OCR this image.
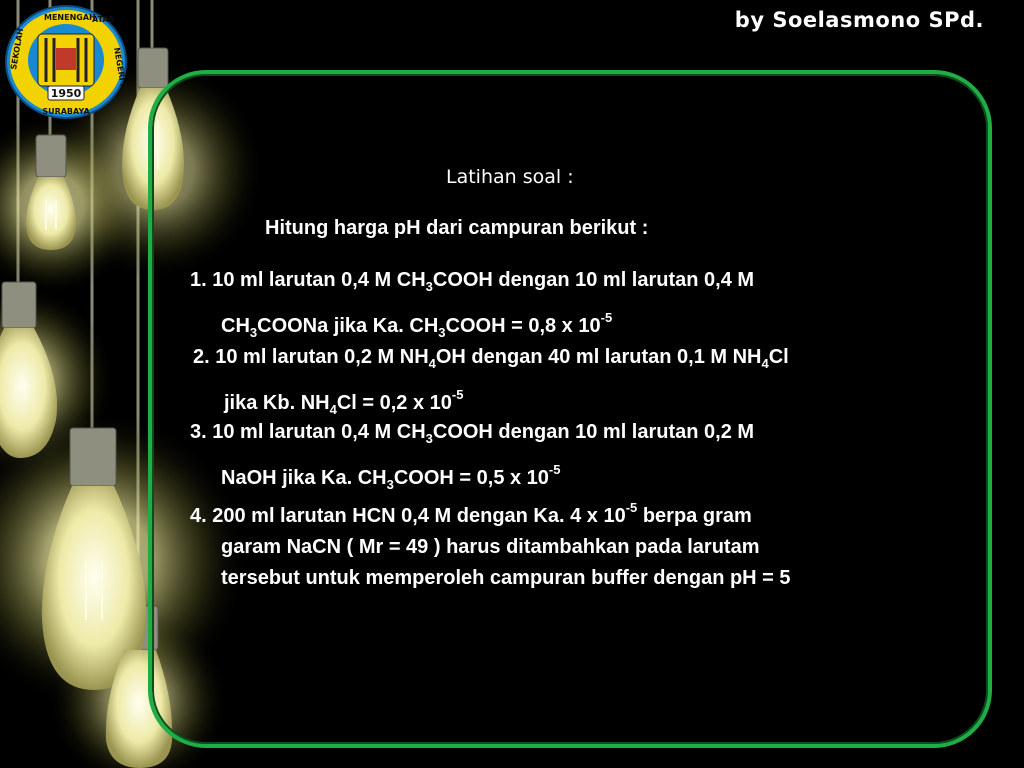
1950
SEKOLAH
MENENGAH
ATAS
NEGERI 2
SURABAYA
by Soelasmono SPd.
Latihan soal :
Hitung harga pH dari campuran berikut :
1. 10 ml larutan 0,4 M $CH_3COOH$ dengan 10 ml larutan 0,4 M
$CH_3COONa$ jika Ka. $CH_3COOH = 0,8$ x $10^{-5}$
2. 10 ml larutan 0,2 M $NH_4OH$ dengan 40 ml larutan 0,1 M $NH_4Cl$
jika Kb. $NH_4Cl = 0,2$ x $10^{-5}$
3. 10 ml larutan 0,4 M $CH_3COOH$ dengan 10 ml larutan 0,2 M
NaOH jika Ka. $CH_3COOH = 0,5$ x $10^{-5}$
4. 200 ml larutan HCN 0,4 M dengan Ka. 4 x $10^{-5}$ berpa gram
garam NaCN ( Mr = 49 ) harus ditambahkan pada larutam
tersebut untuk memperoleh campuran buffer dengan pH = 5
